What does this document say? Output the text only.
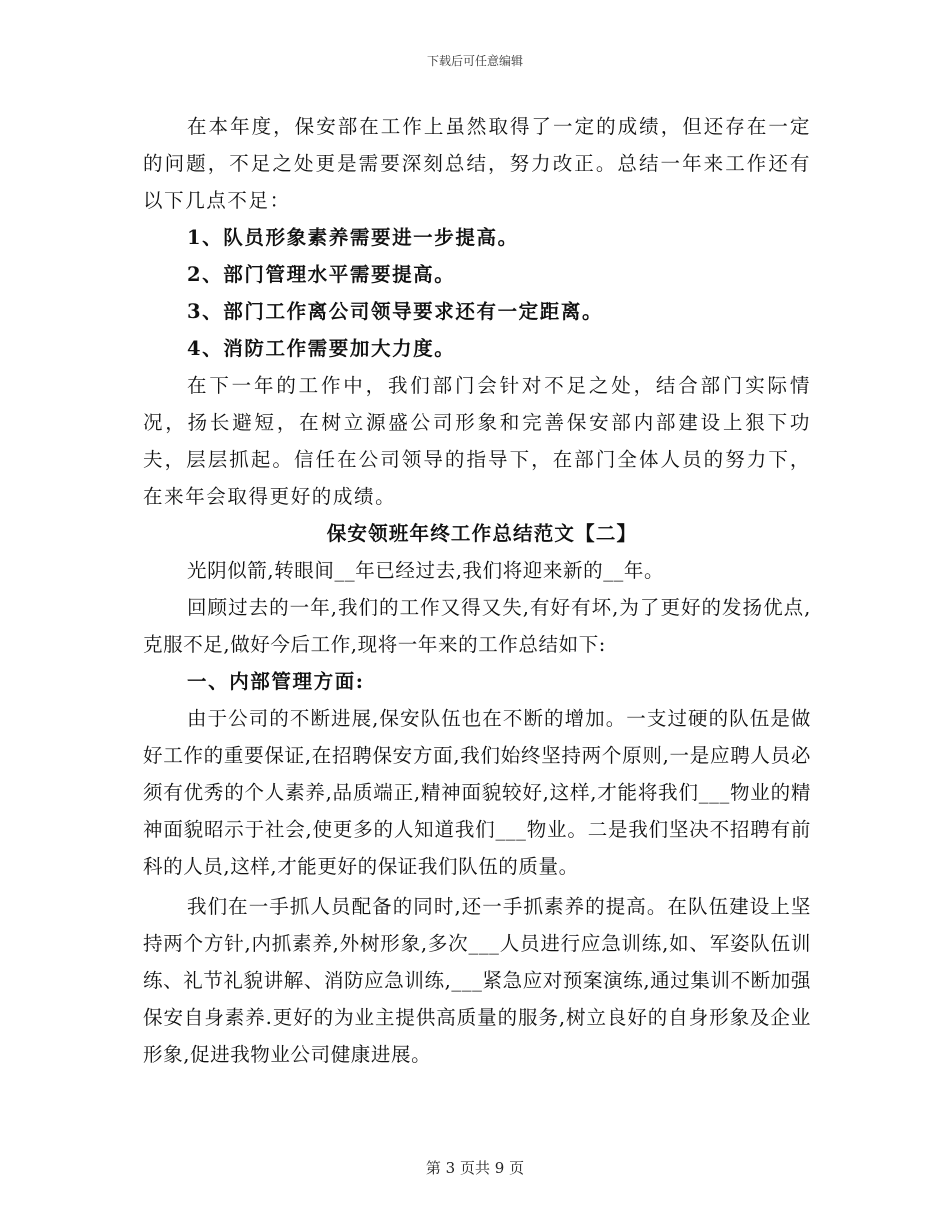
下载后可任意编辑

在本年度，保安部在工作上虽然取得了一定的成绩，但还存在一定的问题，不足之处更是需要深刻总结，努力改正。总结一年来工作还有以下几点不足：

1、队员形象素养需要进一步提高。

2、部门管理水平需要提高。

3、部门工作离公司领导要求还有一定距离。

4、消防工作需要加大力度。

在下一年的工作中，我们部门会针对不足之处，结合部门实际情况，扬长避短，在树立源盛公司形象和完善保安部内部建设上狠下功夫，层层抓起。信任在公司领导的指导下，在部门全体人员的努力下，在来年会取得更好的成绩。

保安领班年终工作总结范文【二】

光阴似箭,转眼间__年已经过去,我们将迎来新的__年。

回顾过去的一年,我们的工作又得又失,有好有坏,为了更好的发扬优点,克服不足,做好今后工作,现将一年来的工作总结如下:

一、内部管理方面:

由于公司的不断进展,保安队伍也在不断的增加。一支过硬的队伍是做好工作的重要保证,在招聘保安方面,我们始终坚持两个原则,一是应聘人员必须有优秀的个人素养,品质端正,精神面貌较好,这样,才能将我们___物业的精神面貌昭示于社会,使更多的人知道我们___物业。二是我们坚决不招聘有前科的人员,这样,才能更好的保证我们队伍的质量。

我们在一手抓人员配备的同时,还一手抓素养的提高。在队伍建设上坚持两个方针,内抓素养,外树形象,多次___人员进行应急训练,如、军姿队伍训练、礼节礼貌讲解、消防应急训练,___紧急应对预案演练,通过集训不断加强保安自身素养.更好的为业主提供高质量的服务,树立良好的自身形象及企业形象,促进我物业公司健康进展。

第 3 页共 9 页
